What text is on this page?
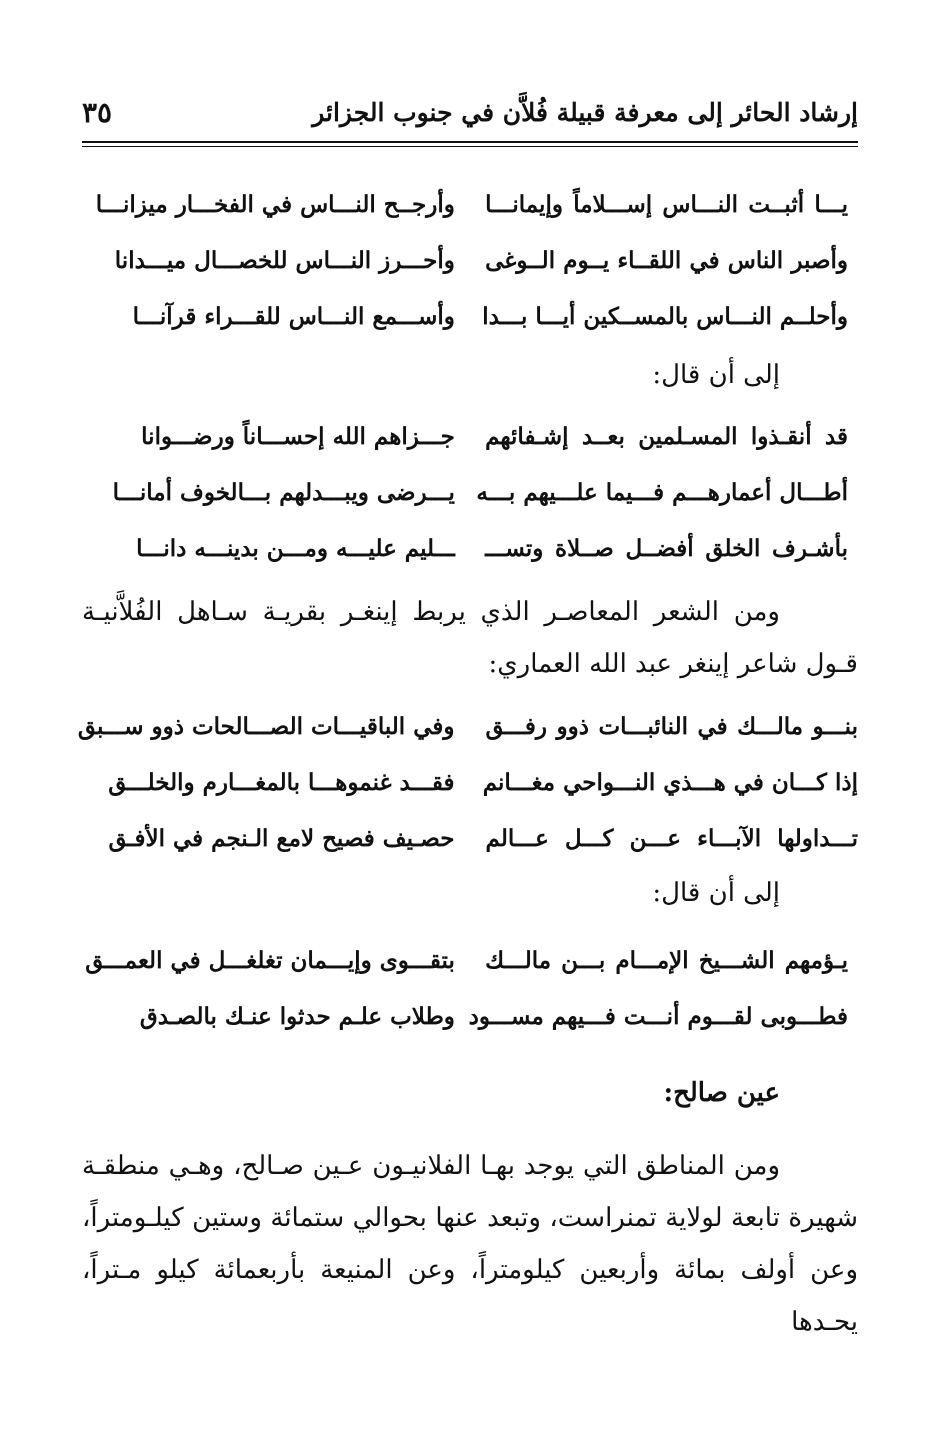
إرشاد الحائر إلى معرفة قبيلة فُلاَّن في جنوب الجزائر
٣٥
يـــا أثبــت النـــاس إســـلاماً وإيمانـــا
وأرجــح النـــاس في الفخـــار ميزانـــا
وأصبر الناس في اللقــاء يــوم الــوغى
وأحـــرز النـــاس للخصـــال ميـــدانا
وأحلــم النـــاس بالمســكين أيـــا بـــدا
وأســـمع النـــاس للقـــراء قرآنـــا
إلى أن قال:
قد أنقـذوا المسـلمين بعــد إشـفائهم
جـــزاهم الله إحســـاناً ورضـــوانا
أطـــال أعمارهـــم فـــيما علـــيهم بـــه
يـــرضى ويبـــدلهم بـــالخوف أمانـــا
بأشـرف الخلق أفضــل صــلاة وتســـ
ـــليم عليـــه ومـــن بدينـــه دانـــا
ومن الشعر المعاصـر الذي يربط إينغـر بقريـة سـاهل الفُلاَّنيـة قـول شاعر إينغر عبد الله العماري:
بنـــو مالـــك في النائبـــات ذوو رفـــق
وفي الباقيـــات الصـــالحات ذوو ســـبق
إذا كـــان في هـــذي النـــواحي مغـــانم
فقـــد غنموهـــا بالمغـــارم والخلـــق
تـــداولها الآبـــاء عـــن كـــل عـــالم
حصـيف فصيح لامع الـنجم في الأفـق
إلى أن قال:
يـؤمهم الشـــيخ الإمـــام بـــن مالـــك
بتقـــوى وإيـــمان تغلغـــل في العمـــق
فطـــوبى لقـــوم أنـــت فـــيهم مســـود
وطلاب علـم حدثوا عنـك بالصـدق
عين صالح:
ومن المناطق التي يوجد بهـا الفلانيـون عـين صـالح، وهـي منطقـة شهيرة تابعة لولاية تمنراست، وتبعد عنها بحوالي ستمائة وستين كيلـومتراً، وعن أولف بمائة وأربعين كيلومتراً، وعن المنيعة بأربعمائة كيلو مـتراً، يحـدها
